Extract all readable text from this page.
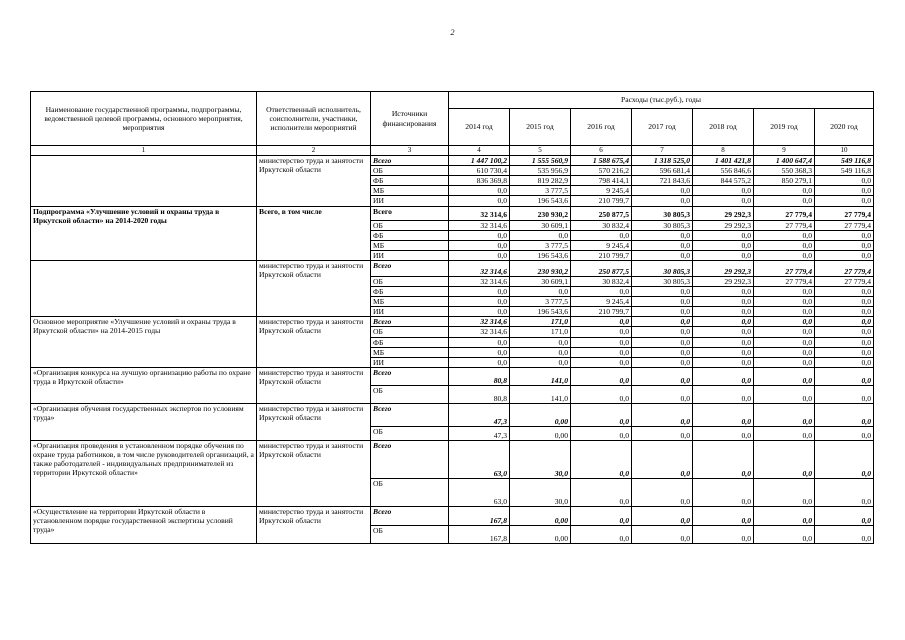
2
Наименование государственной программы, подпрограммы, ведомственной целевой программы, основного мероприятия, мероприятия	Ответственный исполнитель, соисполнители, участники, исполнители мероприятий	Источники финансирования	Расходы (тыс.руб.), годы						
			2014 год	2015 год	2016 год	2017 год	2018 год	2019 год	2020 год
1	2	3	4	5	6	7	8	9	10
	министерство труда и занятости Иркутской области	Всего	1 447 100,2	1 555 560,9	1 588 675,4	1 318 525,0	1 401 421,8	1 400 647,4	549 116,8
		ОБ	610 730,4	535 956,9	570 216,2	596 681,4	556 846,6	550 368,3	549 116,8
		ФБ	836 369,8	819 282,9	798 414,1	721 843,6	844 575,2	850 279,1	0,0
		МБ	0,0	3 777,5	9 245,4	0,0	0,0	0,0	0,0
		ИИ	0,0	196 543,6	210 799,7	0,0	0,0	0,0	0,0
Подпрограмма «Улучшение условий и охраны труда в Иркутской области» на 2014-2020 годы	Всего, в том числе	Всего	32 314,6	230 930,2	250 877,5	30 805,3	29 292,3	27 779,4	27 779,4
		ОБ	32 314,6	30 609,1	30 832,4	30 805,3	29 292,3	27 779,4	27 779,4
		ФБ	0,0	0,0	0,0	0,0	0,0	0,0	0,0
		МБ	0,0	3 777,5	9 245,4	0,0	0,0	0,0	0,0
		ИИ	0,0	196 543,6	210 799,7	0,0	0,0	0,0	0,0
	министерство труда и занятости Иркутской области	Всего	32 314,6	230 930,2	250 877,5	30 805,3	29 292,3	27 779,4	27 779,4
		ОБ	32 314,6	30 609,1	30 832,4	30 805,3	29 292,3	27 779,4	27 779,4
		ФБ	0,0	0,0	0,0	0,0	0,0	0,0	0,0
		МБ	0,0	3 777,5	9 245,4	0,0	0,0	0,0	0,0
		ИИ	0,0	196 543,6	210 799,7	0,0	0,0	0,0	0,0
Основное мероприятие «Улучшение условий и охраны труда в Иркутской области» на 2014-2015 годы	министерство труда и занятости Иркутской области	Всего	32 314,6	171,0	0,0	0,0	0,0	0,0	0,0
		ОБ	32 314,6	171,0	0,0	0,0	0,0	0,0	0,0
		ФБ	0,0	0,0	0,0	0,0	0,0	0,0	0,0
		МБ	0,0	0,0	0,0	0,0	0,0	0,0	0,0
		ИИ	0,0	0,0	0,0	0,0	0,0	0,0	0,0
«Организация конкурса на лучшую организацию работы по охране труда в Иркутской области»	министерство труда и занятости Иркутской области	Всего	80,8	141,0	0,0	0,0	0,0	0,0	0,0
		ОБ	80,8	141,0	0,0	0,0	0,0	0,0	0,0
«Организация обучения государственных экспертов по условиям труда»	министерство труда и занятости Иркутской области	Всего	47,3	0,00	0,0	0,0	0,0	0,0	0,0
		ОБ	47,3	0,00	0,0	0,0	0,0	0,0	0,0
«Организация проведения в установленном порядке обучения по охране труда работников, в том числе руководителей организаций, а также работодателей - индивидуальных предпринимателей из территории Иркутской области»	министерство труда и занятости Иркутской области	Всего	63,0	30,0	0,0	0,0	0,0	0,0	0,0
		ОБ	63,0	30,0	0,0	0,0	0,0	0,0	0,0
«Осуществление на территории Иркутской области в установленном порядке государственной экспертизы условий труда»	министерство труда и занятости Иркутской области	Всего	167,8	0,00	0,0	0,0	0,0	0,0	0,0
		ОБ	167,8	0,00	0,0	0,0	0,0	0,0	0,0
